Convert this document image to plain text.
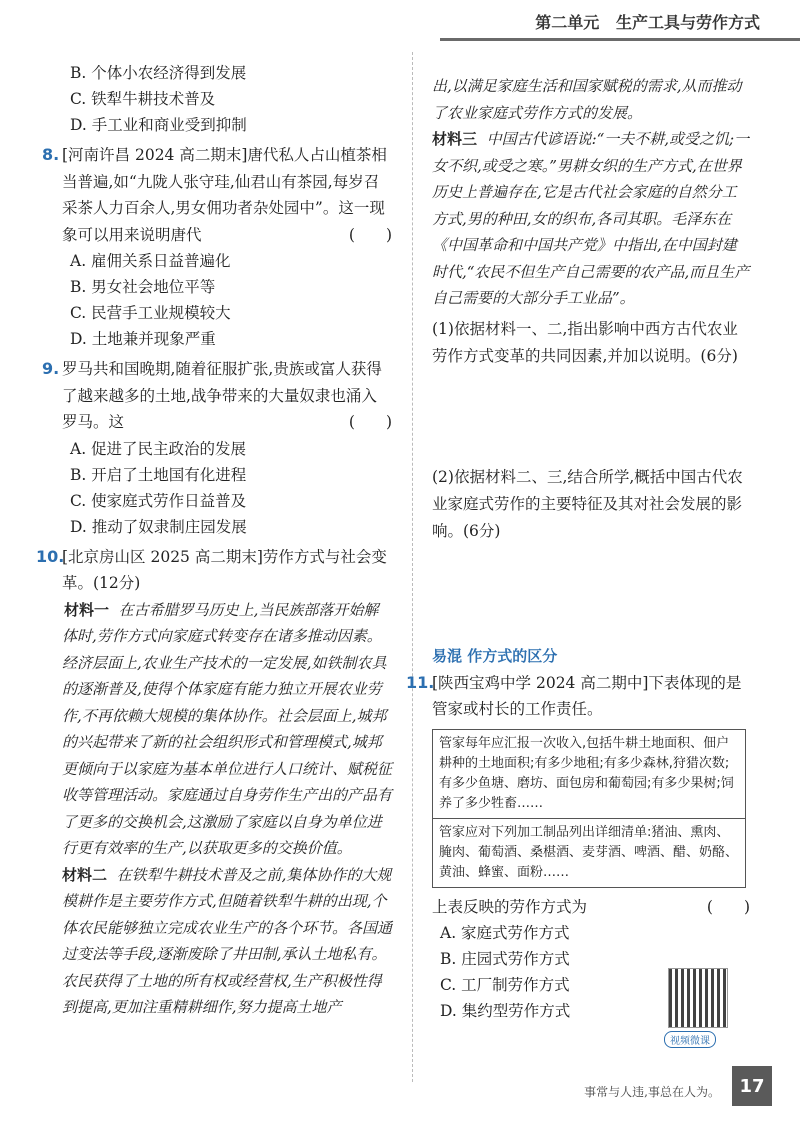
第二单元 生产工具与劳作方式

B. 个体小农经济得到发展

C. 铁犁牛耕技术普及

D. 手工业和商业受到抑制

8. [河南许昌 2024 高二期末]唐代私人占山植茶相当普遍,如“九陇人张守珪,仙君山有茶园,每岁召采茶人力百余人,男女佣功者杂处园中”。这一现象可以用来说明唐代	(　　)

A. 雇佣关系日益普遍化

B. 男女社会地位平等

C. 民营手工业规模较大

D. 土地兼并现象严重

9. 罗马共和国晚期,随着征服扩张,贵族或富人获得了越来越多的土地,战争带来的大量奴隶也涌入罗马。这	(　　)

A. 促进了民主政治的发展

B. 开启了土地国有化进程

C. 使家庭式劳作日益普及

D. 推动了奴隶制庄园发展

10.
[北京房山区 2025 高二期末]劳作方式与社会变革。(12分)

材料一 在古希腊罗马历史上,当民族部落开始解体时,劳作方式向家庭式转变存在诸多推动因素。经济层面上,农业生产技术的一定发展,如铁制农具的逐渐普及,使得个体家庭有能力独立开展农业劳作,不再依赖大规模的集体协作。社会层面上,城邦的兴起带来了新的社会组织形式和管理模式,城邦更倾向于以家庭为基本单位进行人口统计、赋税征收等管理活动。家庭通过自身劳作生产出的产品有了更多的交换机会,这激励了家庭以自身为单位进行更有效率的生产,以获取更多的交换价值。

材料二 在铁犁牛耕技术普及之前,集体协作的大规模耕作是主要劳作方式,但随着铁犁牛耕的出现,个体农民能够独立完成农业生产的各个环节。各国通过变法等手段,逐渐废除了井田制,承认土地私有。农民获得了土地的所有权或经营权,生产积极性得到提高,更加注重精耕细作,努力提高土地产

出,以满足家庭生活和国家赋税的需求,从而推动了农业家庭式劳作方式的发展。

材料三 中国古代谚语说:“一夫不耕,或受之饥;一女不织,或受之寒。”男耕女织的生产方式,在世界历史上普遍存在,它是古代社会家庭的自然分工方式,男的种田,女的织布,各司其职。毛泽东在《中国革命和中国共产党》中指出,在中国封建时代,“农民不但生产自己需要的农产品,而且生产自己需要的大部分手工业品”。

(1)依据材料一、二,指出影响中西方古代农业劳作方式变革的共同因素,并加以说明。(6分)

(2)依据材料二、三,结合所学,概括中国古代农业家庭式劳作的主要特征及其对社会发展的影响。(6分)

易混 作方式的区分

11.
[陕西宝鸡中学 2024 高二期中]下表体现的是管家或村长的工作责任。
管家每年应汇报一次收入,包括牛耕土地面积、佃户耕种的土地面积;有多少地租;有多少森林,狩猎次数;有多少鱼塘、磨坊、面包房和葡萄园;有多少果树;饲养了多少牲畜……
管家应对下列加工制品列出详细清单:猪油、熏肉、腌肉、葡萄酒、桑椹酒、麦芽酒、啤酒、醋、奶酪、黄油、蜂蜜、面粉……
上表反映的劳作方式为	(　　)

A. 家庭式劳作方式

B. 庄园式劳作方式

C. 工厂制劳作方式

D. 集约型劳作方式

视频微课
事常与人违,事总在人为。	17
